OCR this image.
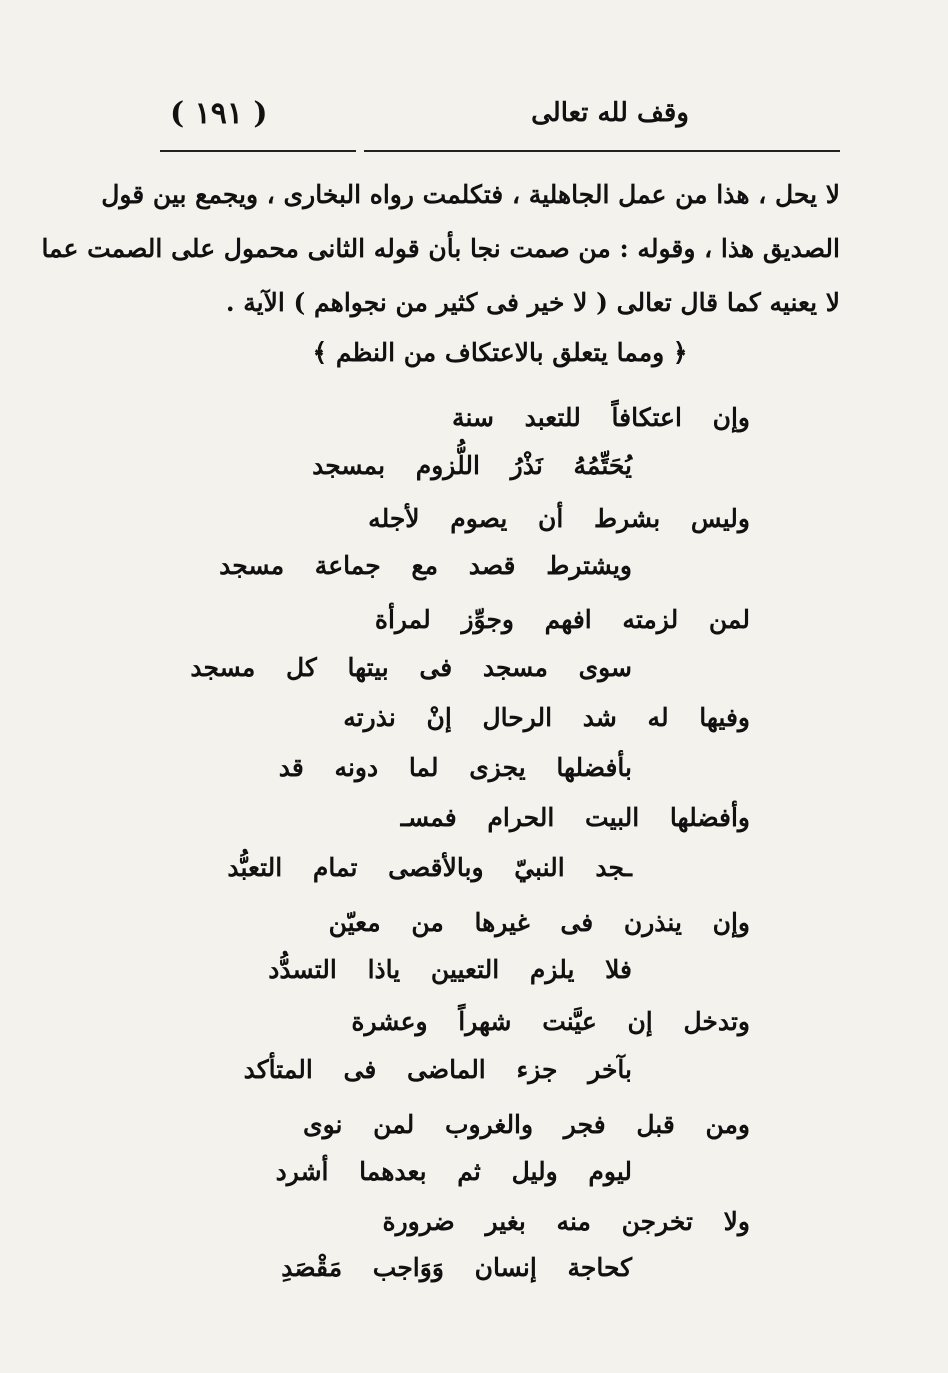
( ١٩١ )	وقف لله تعالى
لا يحل ، هذا من عمل الجاهلية ، فتكلمت رواه البخارى ، ويجمع بين قول
الصديق هذا ، وقوله : من صمت نجا بأن قوله الثانى محمول على الصمت عما
لا يعنيه كما قال تعالى ( لا خير فى كثير من نجواهم ) الآية .
﴿ ومما يتعلق بالاعتكاف من النظم ﴾
وإن اعتكافاً للتعبد سنة
يُحَتِّمُهُ نَذْرُ اللُّزوم بمسجد
وليس بشرط أن يصوم لأجله
ويشترط قصد مع جماعة مسجد
لمن لزمته افهم وجوِّز لمرأة
سوى مسجد فى بيتها كل مسجد
وفيها له شد الرحال إنْ نذرته
بأفضلها يجزى لما دونه قد
وأفضلها البيت الحرام فمسـ
ـجد النبيّ وبالأقصى تمام التعبُّد
وإن ينذرن فى غيرها من معيّن
فلا يلزم التعيين ياذا التسدُّد
وتدخل إن عيَّنت شهراً وعشرة
بآخر جزء الماضى فى المتأكد
ومن قبل فجر والغروب لمن نوى
ليوم وليل ثم بعدهما أشرد
ولا تخرجن منه بغير ضرورة
كحاجة إنسان وَوَاجب مَقْصَدِ
